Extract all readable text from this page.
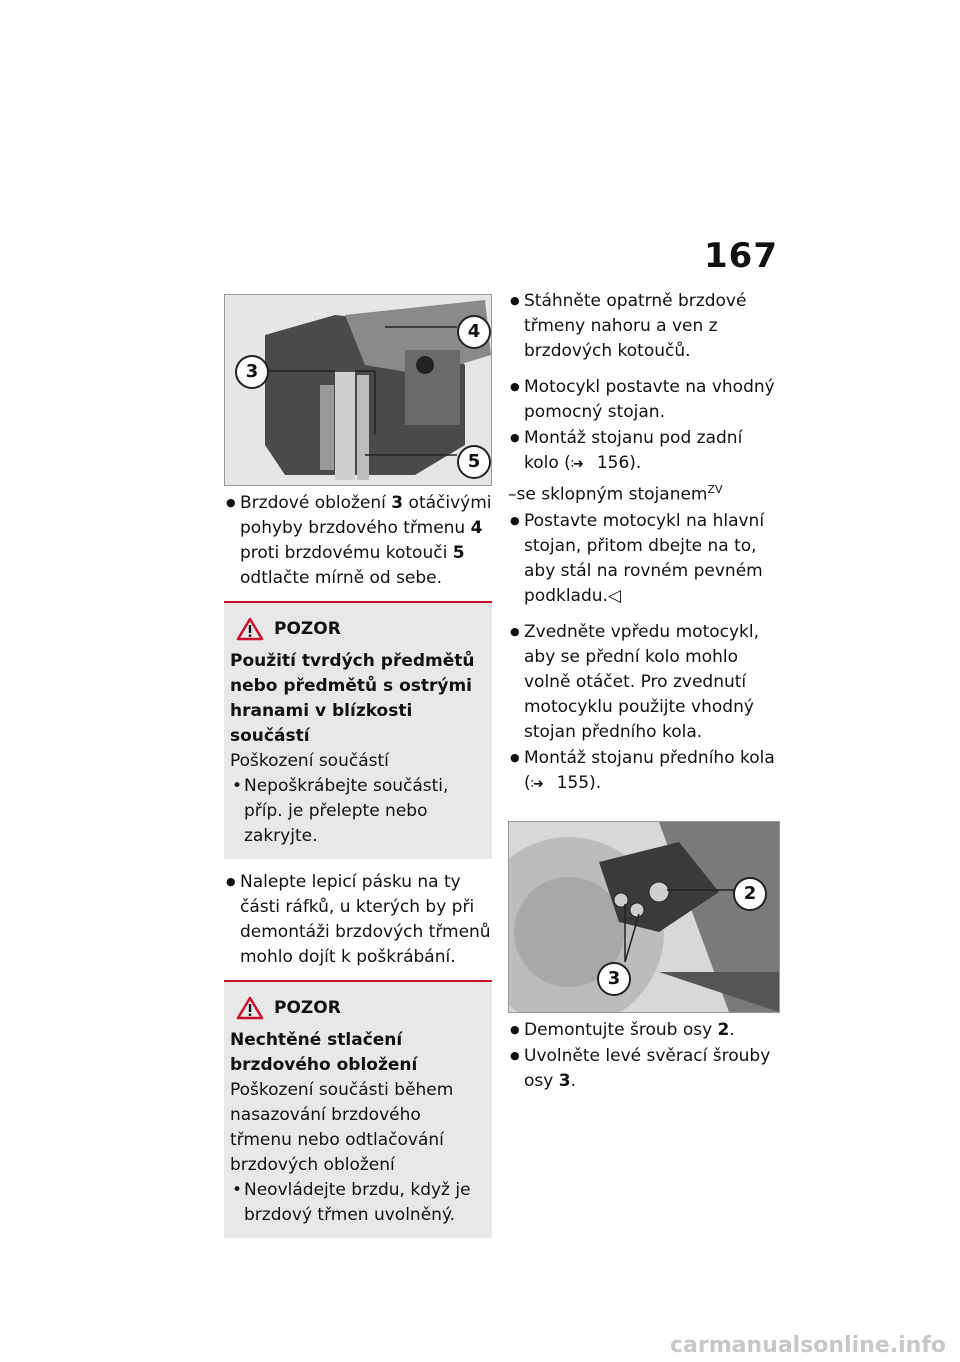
167
3
4
5

● Brzdové obložení 3 otáčivými pohyby brzdového třmenu 4 proti brzdovému kotouči 5 odtlačte mírně od sebe.

POZOR
Použití tvrdých předmětů nebo předmětů s ostrými hranami v blízkosti součástí
Poškození součástí
• Nepoškrábejte součásti, příp. je přelepte nebo zakryjte.

● Nalepte lepicí pásku na ty části ráfků, u kterých by při demontáži brzdových třmenů mohlo dojít k poškrábání.

POZOR
Nechtěné stlačení brzdového obložení
Poškození součásti během nasazování brzdového třmenu nebo odtlačování brzdových obložení
• Neovládejte brzdu, když je brzdový třmen uvolněný.

● Stáhněte opatrně brzdové třmeny nahoru a ven z brzdových kotoučů.

● Motocykl postavte na vhodný pomocný stojan.

● Montáž stojanu pod zadní kolo (∶➜ 156).

–se sklopným stojanem$^{ZV}$

● Postavte motocykl na hlavní stojan, přitom dbejte na to, aby stál na rovném pevném podkladu.◁

● Zvedněte vpředu motocykl, aby se přední kolo mohlo volně otáčet. Pro zvednutí motocyklu použijte vhodný stojan předního kola.

● Montáž stojanu předního kola (∶➜ 155).

2
3

● Demontujte šroub osy 2.

● Uvolněte levé svěrací šrouby osy 3.

carmanualsonline.info
